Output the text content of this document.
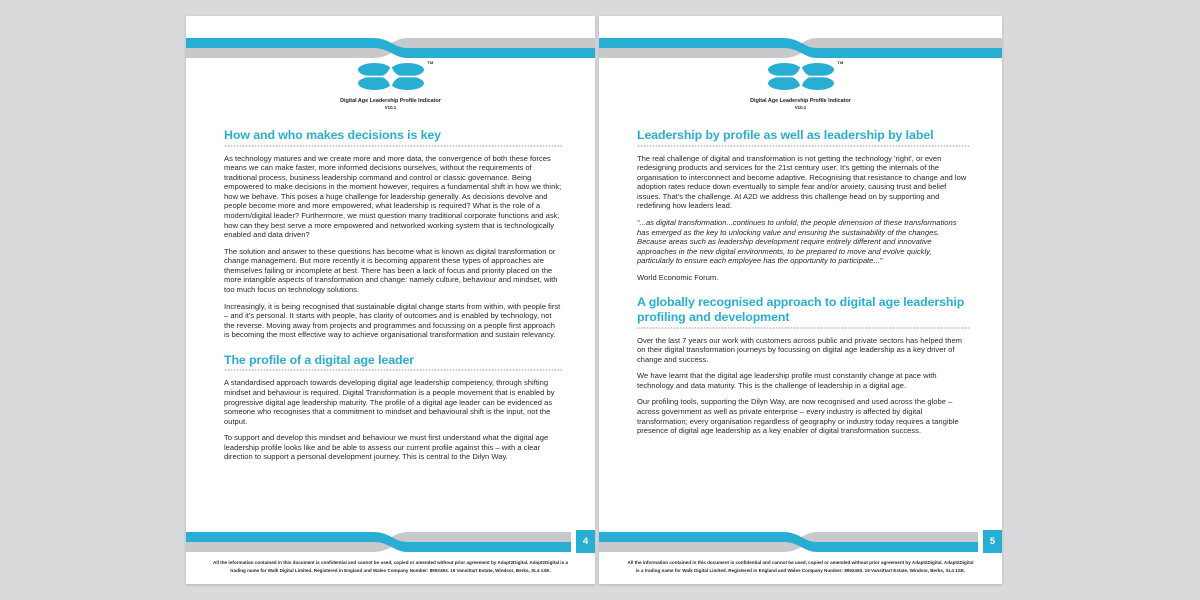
TM
Digital Age Leadership Profile Indicator
V10.1
How and who makes decisions is key

As technology matures and we create more and more data, the convergence of both these forces means we can make faster, more informed decisions ourselves, without the requirements of traditional process, business leadership command and control or classic governance. Being empowered to make decisions in the moment however, requires a fundamental shift in how we think; how we behave. This poses a huge challenge for leadership generally. As decisions devolve and people become more and more empowered, what leadership is required? What is the role of a modern/digital leader? Furthermore, we must question many traditional corporate functions and ask, how can they best serve a more empowered and networked working system that is technologically enabled and data driven?

The solution and answer to these questions has become what is known as digital transformation or change management. But more recently it is becoming apparent these types of approaches are themselves failing or incomplete at best. There has been a lack of focus and priority placed on the more intangible aspects of transformation and change: namely culture, behaviour and mindset, with too much focus on technology solutions.

Increasingly, it is being recognised that sustainable digital change starts from within, with people first – and it's personal. It starts with people, has clarity of outcomes and is enabled by technology, not the reverse. Moving away from projects and programmes and focussing on a people first approach is becoming the most effective way to achieve organisational transformation and sustain relevancy.

The profile of a digital age leader

A standardised approach towards developing digital age leadership competency, through shifting mindset and behaviour is required. Digital Transformation is a people movement that is enabled by progressive digital age leadership maturity. The profile of a digital age leader can be evidenced as someone who recognises that a commitment to mindset and behavioural shift is the input, not the output.

To support and develop this mindset and behaviour we must first understand what the digital age leadership profile looks like and be able to assess our current profile against this – with a clear direction to support a personal development journey. This is central to the Dilyn Way.

4
All the information contained in this document is confidential and cannot be used, copied or amended without prior agreement by Adapt2Digital. Adapt2Digital is a trading name for Walk Digital Limited. Registered in England and Wales Company Number: 8992493. 19 Vansittart Estate, Windsor, Berks, SL4 1SE.
TM
Digital Age Leadership Profile Indicator
V10.1
Leadership by profile as well as leadership by label

The real challenge of digital and transformation is not getting the technology 'right', or even redesigning products and services for the 21st century user. It's getting the internals of the organisation to interconnect and become adaptive. Recognising that resistance to change and low adoption rates reduce down eventually to simple fear and/or anxiety, causing trust and belief issues. That's the challenge. At A2D we address this challenge head on by supporting and redefining how leaders lead.

“...as digital transformation...continues to unfold, the people dimension of these transformations has emerged as the key to unlocking value and ensuring the sustainability of the changes. Because areas such as leadership development require entirely different and innovative approaches in the new digital environments, to be prepared to move and evolve quickly, particularly to ensure each employee has the opportunity to participate...”

World Economic Forum.

A globally recognised approach to digital age leadership profiling and development

Over the last 7 years our work with customers across public and private sectors has helped them on their digital transformation journeys by focussing on digital age leadership as a key driver of change and success.

We have learnt that the digital age leadership profile must constantly change at pace with technology and data maturity. This is the challenge of leadership in a digital age.

Our profiling tools, supporting the Dilyn Way, are now recognised and used across the globe – across government as well as private enterprise – every industry is affected by digital transformation; every organisation regardless of geography or industry today requires a tangible presence of digital age leadership as a key enabler of digital transformation success.

5
All the information contained in this document is confidential and cannot be used, copied or amended without prior agreement by Adapt2Digital. Adapt2Digital is a trading name for Walk Digital Limited. Registered in England and Wales Company Number: 8992493. 19 Vansittart Estate, Windsor, Berks, SL4 1SE.
